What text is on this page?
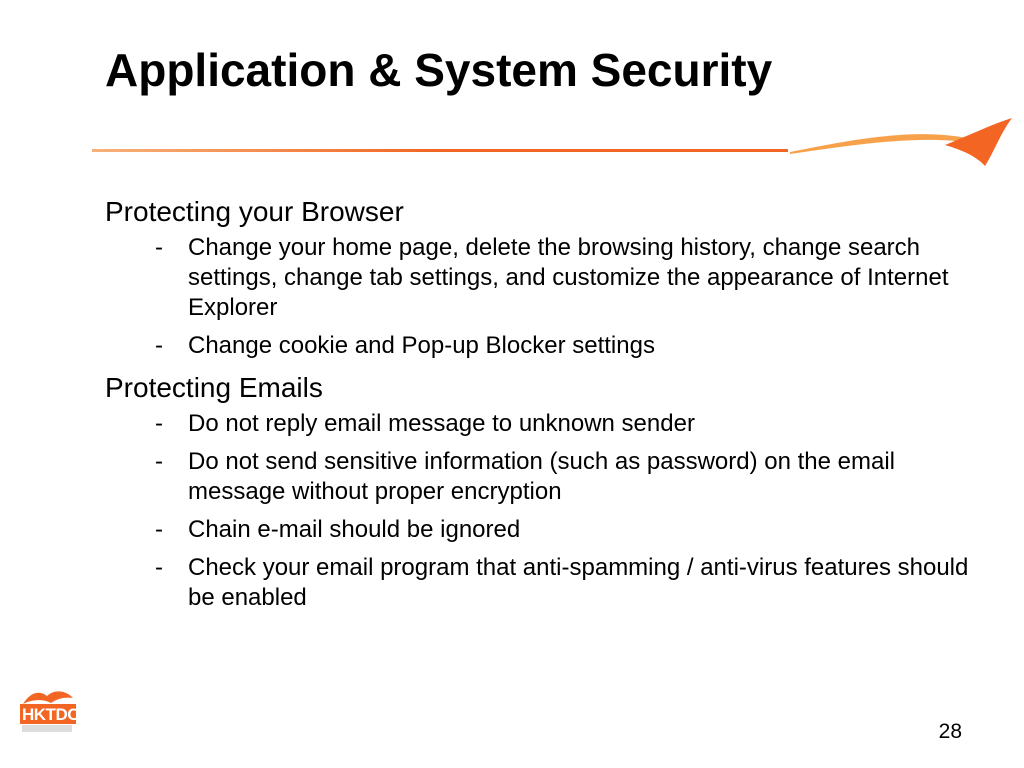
Application & System Security

Protecting your Browser

- Change your home page, delete the browsing history, change search settings, change tab settings, and customize the appearance of Internet Explorer
- Change cookie and Pop-up Blocker settings

Protecting Emails

- Do not reply email message to unknown sender
- Do not send sensitive information (such as password) on the email message without proper encryption
- Chain e-mail should be ignored
- Check your email program that anti-spamming / anti-virus features should be enabled
HKTDC
28
